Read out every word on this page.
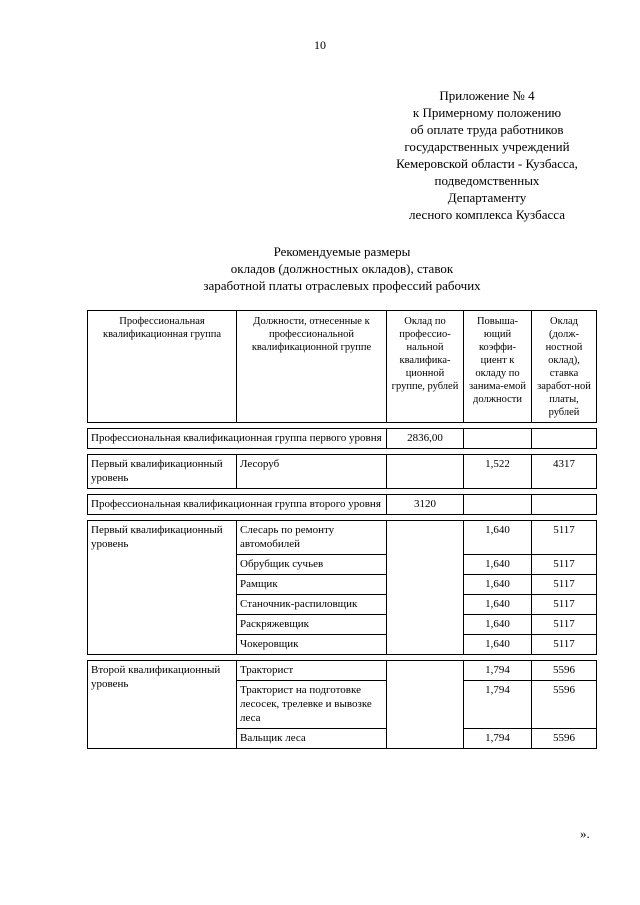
10
Приложение № 4
к Примерному положению
об оплате труда работников
государственных учреждений
Кемеровской области - Кузбасса,
подведомственных
Департаменту
лесного комплекса Кузбасса
Рекомендуемые размеры
окладов (должностных окладов), ставок
заработной платы отраслевых профессий рабочих
Профессиональная квалификационная группа	Должности, отнесенные к профессиональной квалификационной группе	Оклад по профессио-нальной квалифика-ционной группе, рублей	Повыша-ющий коэффи-циент к окладу по занима-емой должности	Оклад (долж-ностной оклад), ставка заработ-ной платы, рублей

Профессиональная квалификационная группа первого уровня		2836,00		

Первый квалификационный уровень	Лесоруб		1,522	4317

Профессиональная квалификационная группа второго уровня		3120		

Первый квалификационный уровень	Слесарь по ремонту автомобилей		1,640	5117
	Обрубщик сучьев		1,640	5117
	Рамщик		1,640	5117
	Станочник-распиловщик		1,640	5117
	Раскряжевщик		1,640	5117
	Чокеровщик		1,640	5117

Второй квалификационный уровень	Тракторист		1,794	5596
	Тракторист на подготовке лесосек, трелевке и вывозке леса		1,794	5596
	Вальщик леса		1,794	5596
».
